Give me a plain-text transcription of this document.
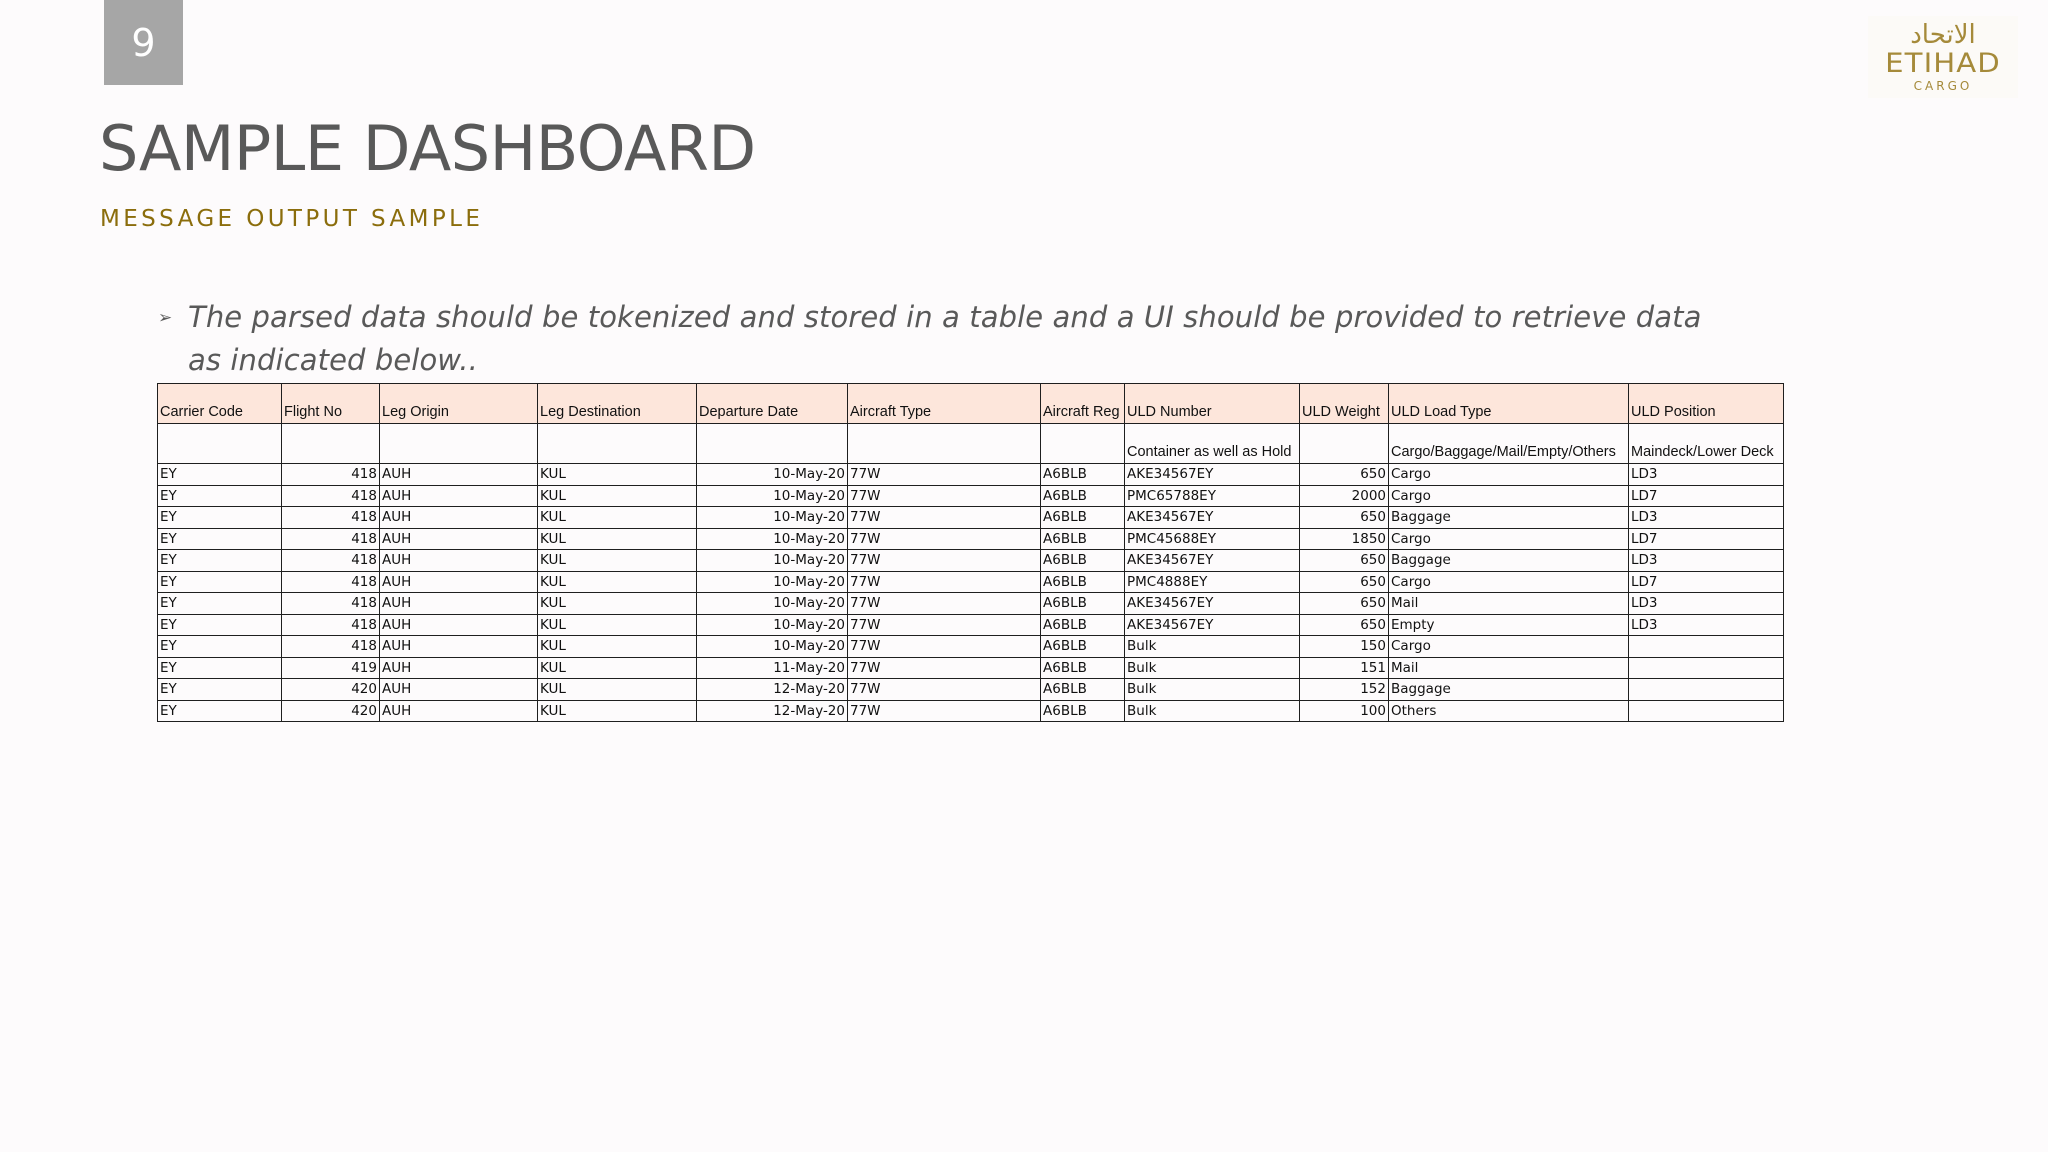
9
SAMPLE DASHBOARD
MESSAGE OUTPUT SAMPLE
الاتحاد
ETIHAD
CARGO
➢ The parsed data should be tokenized and stored in a table and a UI should be provided to retrieve data as indicated below..
Carrier Code	Flight No	Leg Origin	Leg Destination	Departure Date	Aircraft Type	Aircraft Reg	ULD Number	ULD Weight	ULD Load Type	ULD Position
							Container as well as Hold		Cargo/Baggage/Mail/Empty/Others	Maindeck/Lower Deck
EY	418	AUH	KUL	10-May-20	77W	A6BLB	AKE34567EY	650	Cargo	LD3
EY	418	AUH	KUL	10-May-20	77W	A6BLB	PMC65788EY	2000	Cargo	LD7
EY	418	AUH	KUL	10-May-20	77W	A6BLB	AKE34567EY	650	Baggage	LD3
EY	418	AUH	KUL	10-May-20	77W	A6BLB	PMC45688EY	1850	Cargo	LD7
EY	418	AUH	KUL	10-May-20	77W	A6BLB	AKE34567EY	650	Baggage	LD3
EY	418	AUH	KUL	10-May-20	77W	A6BLB	PMC4888EY	650	Cargo	LD7
EY	418	AUH	KUL	10-May-20	77W	A6BLB	AKE34567EY	650	Mail	LD3
EY	418	AUH	KUL	10-May-20	77W	A6BLB	AKE34567EY	650	Empty	LD3
EY	418	AUH	KUL	10-May-20	77W	A6BLB	Bulk	150	Cargo	
EY	419	AUH	KUL	11-May-20	77W	A6BLB	Bulk	151	Mail	
EY	420	AUH	KUL	12-May-20	77W	A6BLB	Bulk	152	Baggage	
EY	420	AUH	KUL	12-May-20	77W	A6BLB	Bulk	100	Others	
